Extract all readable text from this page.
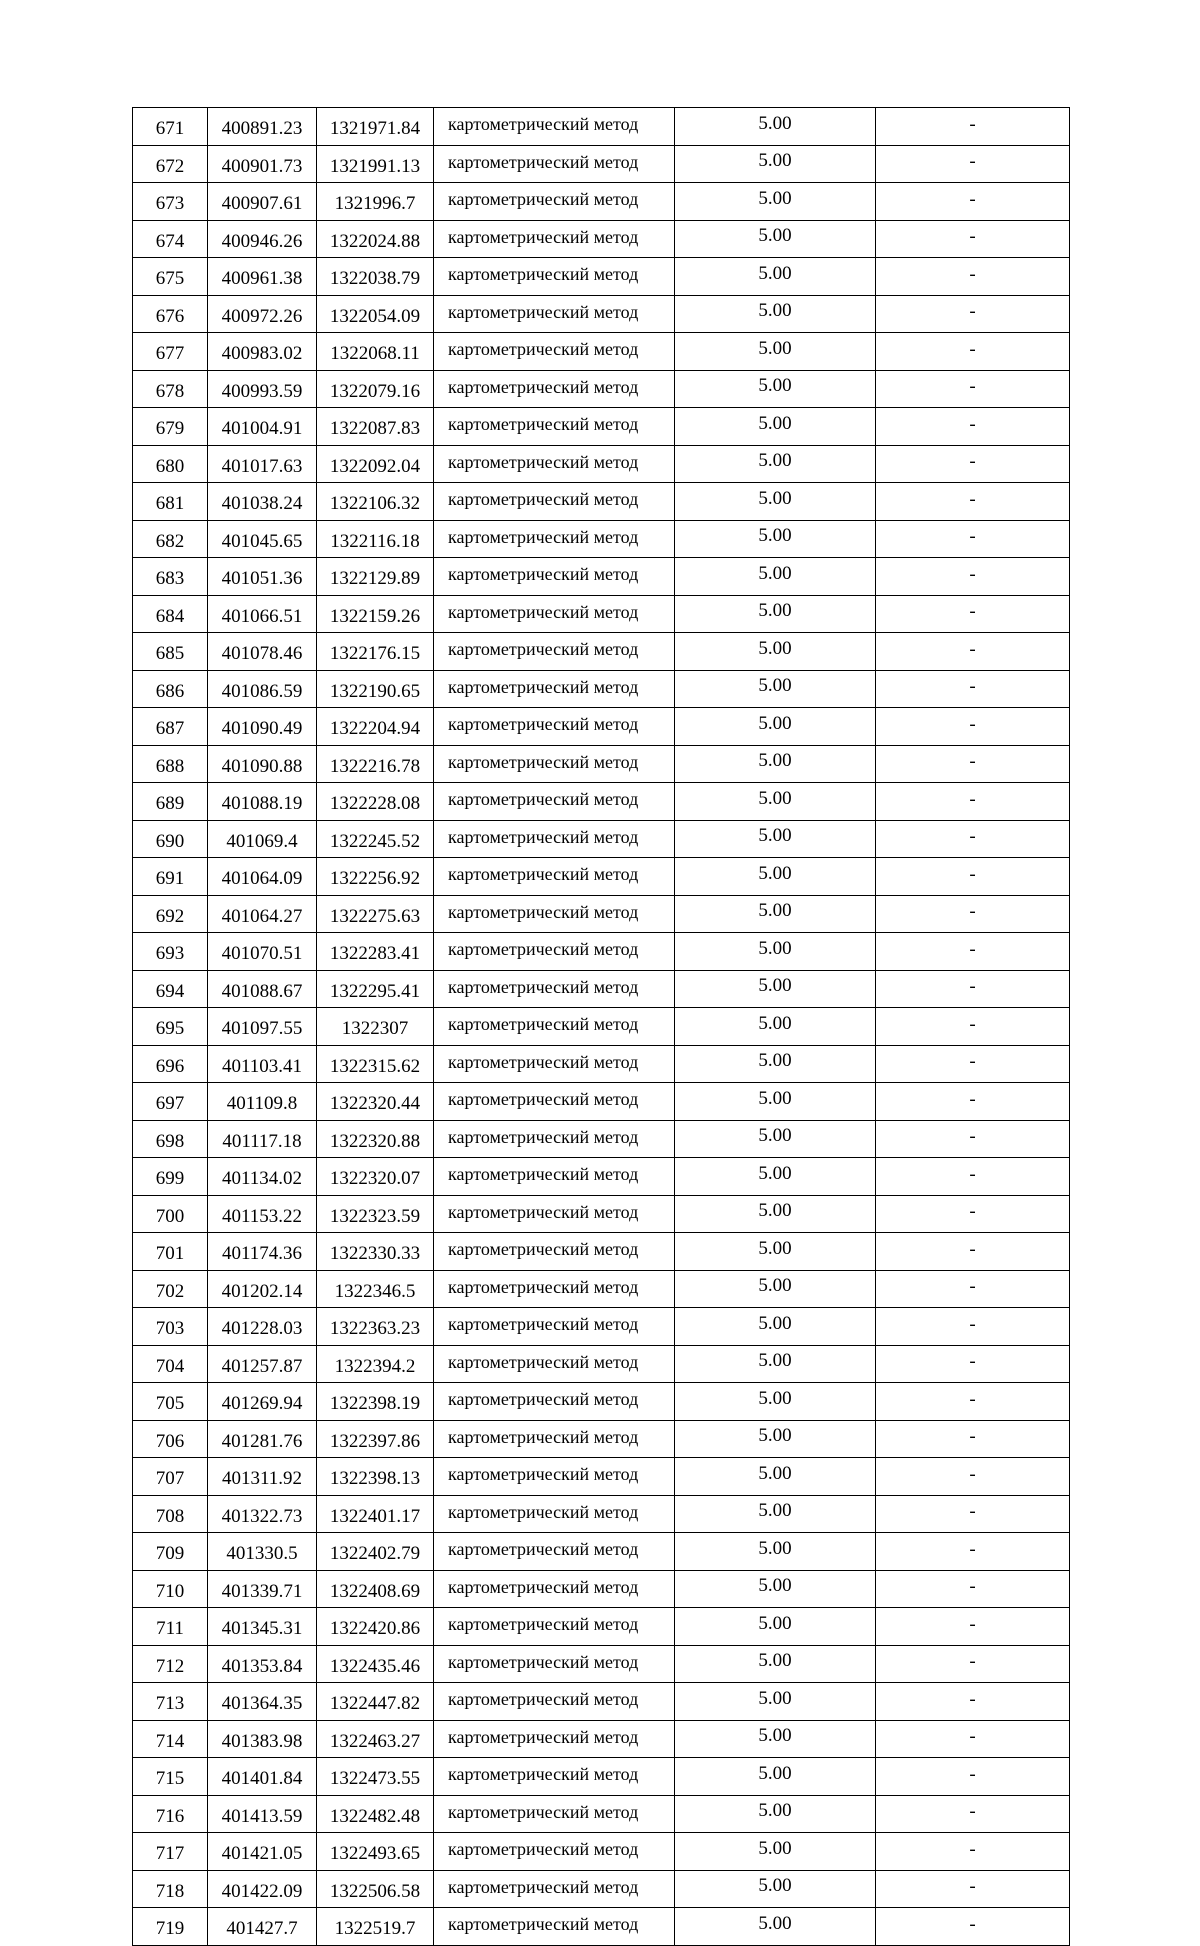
671	400891.23	1321971.84	картометрический метод	5.00	-
672	400901.73	1321991.13	картометрический метод	5.00	-
673	400907.61	1321996.7	картометрический метод	5.00	-
674	400946.26	1322024.88	картометрический метод	5.00	-
675	400961.38	1322038.79	картометрический метод	5.00	-
676	400972.26	1322054.09	картометрический метод	5.00	-
677	400983.02	1322068.11	картометрический метод	5.00	-
678	400993.59	1322079.16	картометрический метод	5.00	-
679	401004.91	1322087.83	картометрический метод	5.00	-
680	401017.63	1322092.04	картометрический метод	5.00	-
681	401038.24	1322106.32	картометрический метод	5.00	-
682	401045.65	1322116.18	картометрический метод	5.00	-
683	401051.36	1322129.89	картометрический метод	5.00	-
684	401066.51	1322159.26	картометрический метод	5.00	-
685	401078.46	1322176.15	картометрический метод	5.00	-
686	401086.59	1322190.65	картометрический метод	5.00	-
687	401090.49	1322204.94	картометрический метод	5.00	-
688	401090.88	1322216.78	картометрический метод	5.00	-
689	401088.19	1322228.08	картометрический метод	5.00	-
690	401069.4	1322245.52	картометрический метод	5.00	-
691	401064.09	1322256.92	картометрический метод	5.00	-
692	401064.27	1322275.63	картометрический метод	5.00	-
693	401070.51	1322283.41	картометрический метод	5.00	-
694	401088.67	1322295.41	картометрический метод	5.00	-
695	401097.55	1322307	картометрический метод	5.00	-
696	401103.41	1322315.62	картометрический метод	5.00	-
697	401109.8	1322320.44	картометрический метод	5.00	-
698	401117.18	1322320.88	картометрический метод	5.00	-
699	401134.02	1322320.07	картометрический метод	5.00	-
700	401153.22	1322323.59	картометрический метод	5.00	-
701	401174.36	1322330.33	картометрический метод	5.00	-
702	401202.14	1322346.5	картометрический метод	5.00	-
703	401228.03	1322363.23	картометрический метод	5.00	-
704	401257.87	1322394.2	картометрический метод	5.00	-
705	401269.94	1322398.19	картометрический метод	5.00	-
706	401281.76	1322397.86	картометрический метод	5.00	-
707	401311.92	1322398.13	картометрический метод	5.00	-
708	401322.73	1322401.17	картометрический метод	5.00	-
709	401330.5	1322402.79	картометрический метод	5.00	-
710	401339.71	1322408.69	картометрический метод	5.00	-
711	401345.31	1322420.86	картометрический метод	5.00	-
712	401353.84	1322435.46	картометрический метод	5.00	-
713	401364.35	1322447.82	картометрический метод	5.00	-
714	401383.98	1322463.27	картометрический метод	5.00	-
715	401401.84	1322473.55	картометрический метод	5.00	-
716	401413.59	1322482.48	картометрический метод	5.00	-
717	401421.05	1322493.65	картометрический метод	5.00	-
718	401422.09	1322506.58	картометрический метод	5.00	-
719	401427.7	1322519.7	картометрический метод	5.00	-
